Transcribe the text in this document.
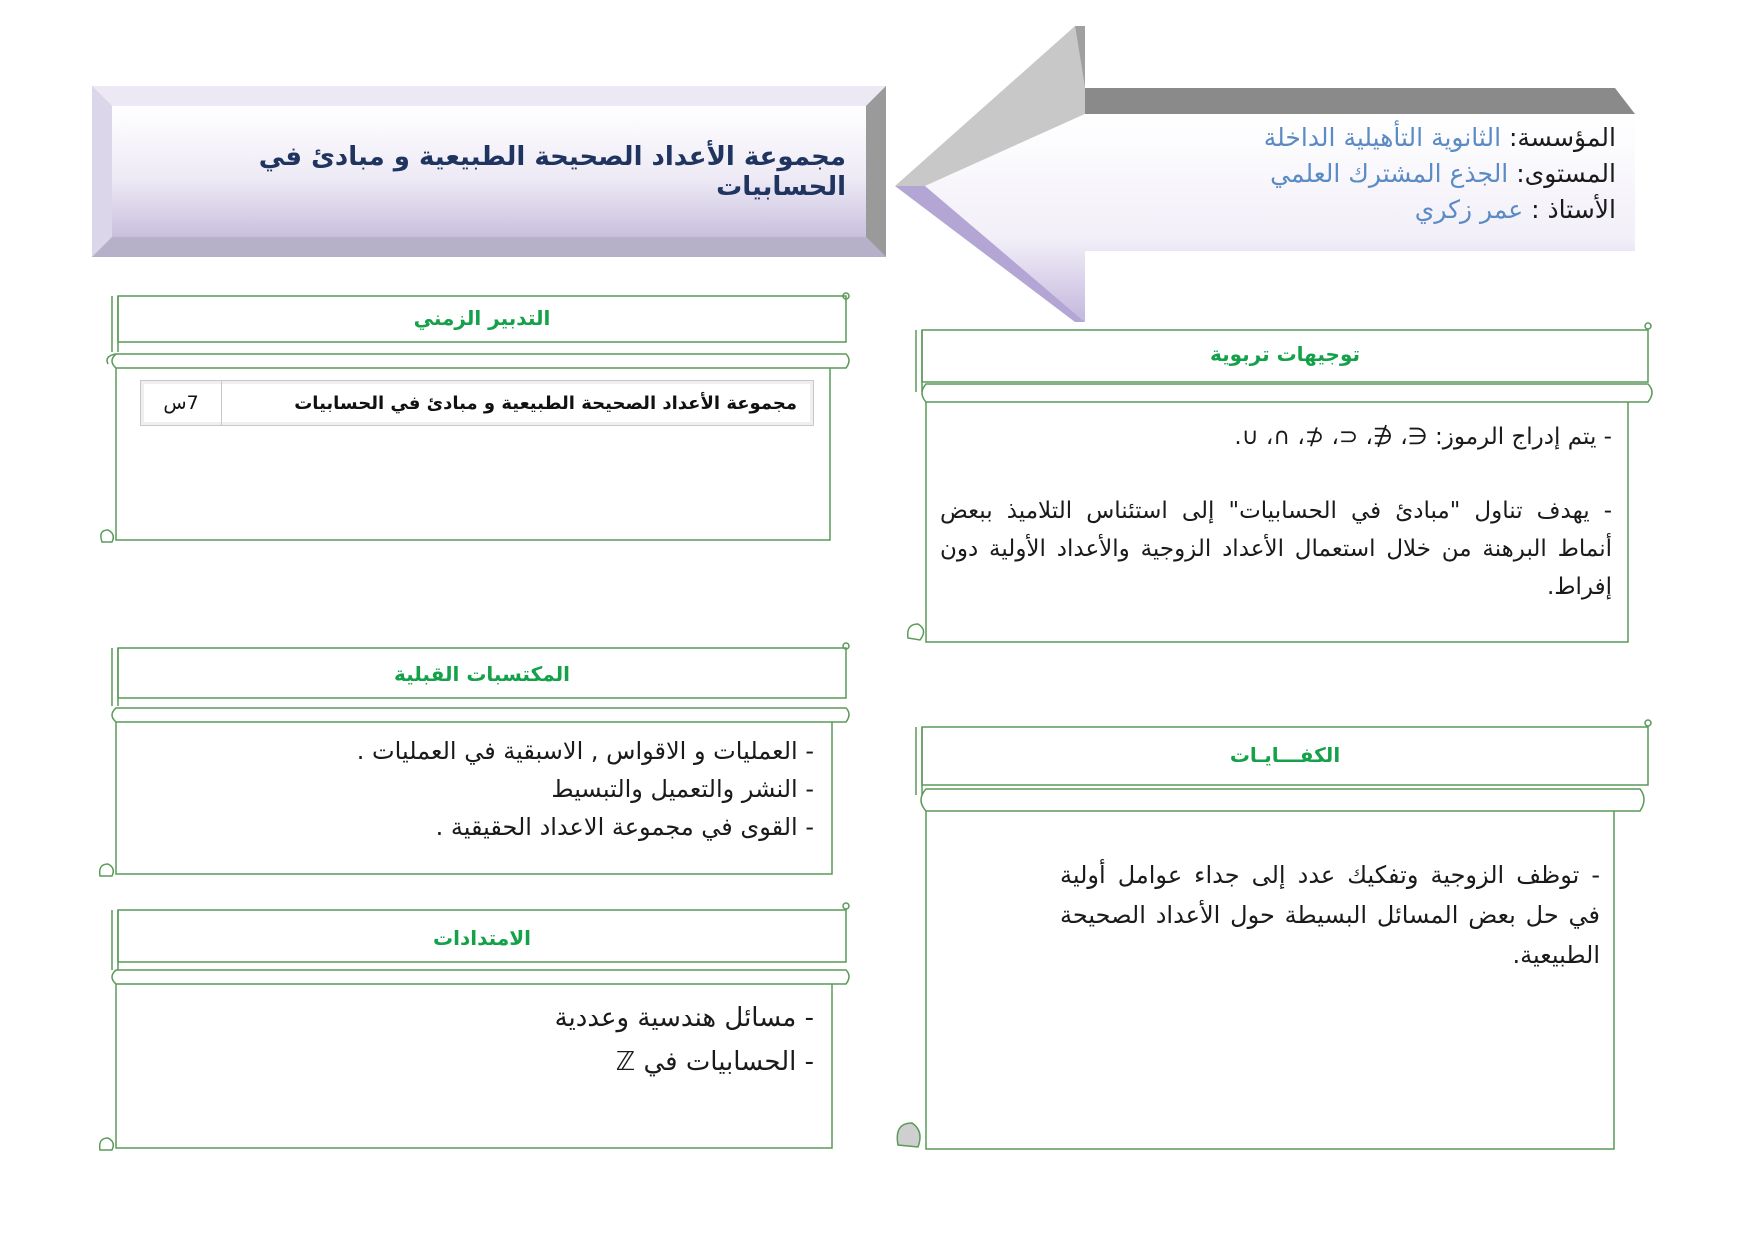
مجموعة الأعداد الصحيحة الطبيعية و مبادئ في الحسابيات
المؤسسة: الثانوية التأهيلية الداخلة
المستوى: الجذع المشترك العلمي
الأستاذ : عمر زكري
التدبير الزمني
مجموعة الأعداد الصحيحة الطبيعية و مبادئ في الحسابيات
7س
توجيهات تربوية
- يتم إدراج الرموز: ∈، ∉، ⊂، ⊄، ∩، ∪.
- يهدف تناول "مبادئ في الحسابيات" إلى استئناس التلاميذ ببعض أنماط البرهنة من خلال استعمال الأعداد الزوجية والأعداد الأولية دون إفراط.
المكتسبات القبلية
- العمليات و الاقواس , الاسبقية في العمليات .
- النشر والتعميل والتبسيط
- القوى في مجموعة الاعداد الحقيقية .
الكفـــايـات
- توظف الزوجية وتفكيك عدد إلى جداء عوامل أولية في حل بعض المسائل البسيطة حول الأعداد الصحيحة الطبيعية.
الامتدادات
- مسائل هندسية وعددية
- الحسابيات في ℤ
